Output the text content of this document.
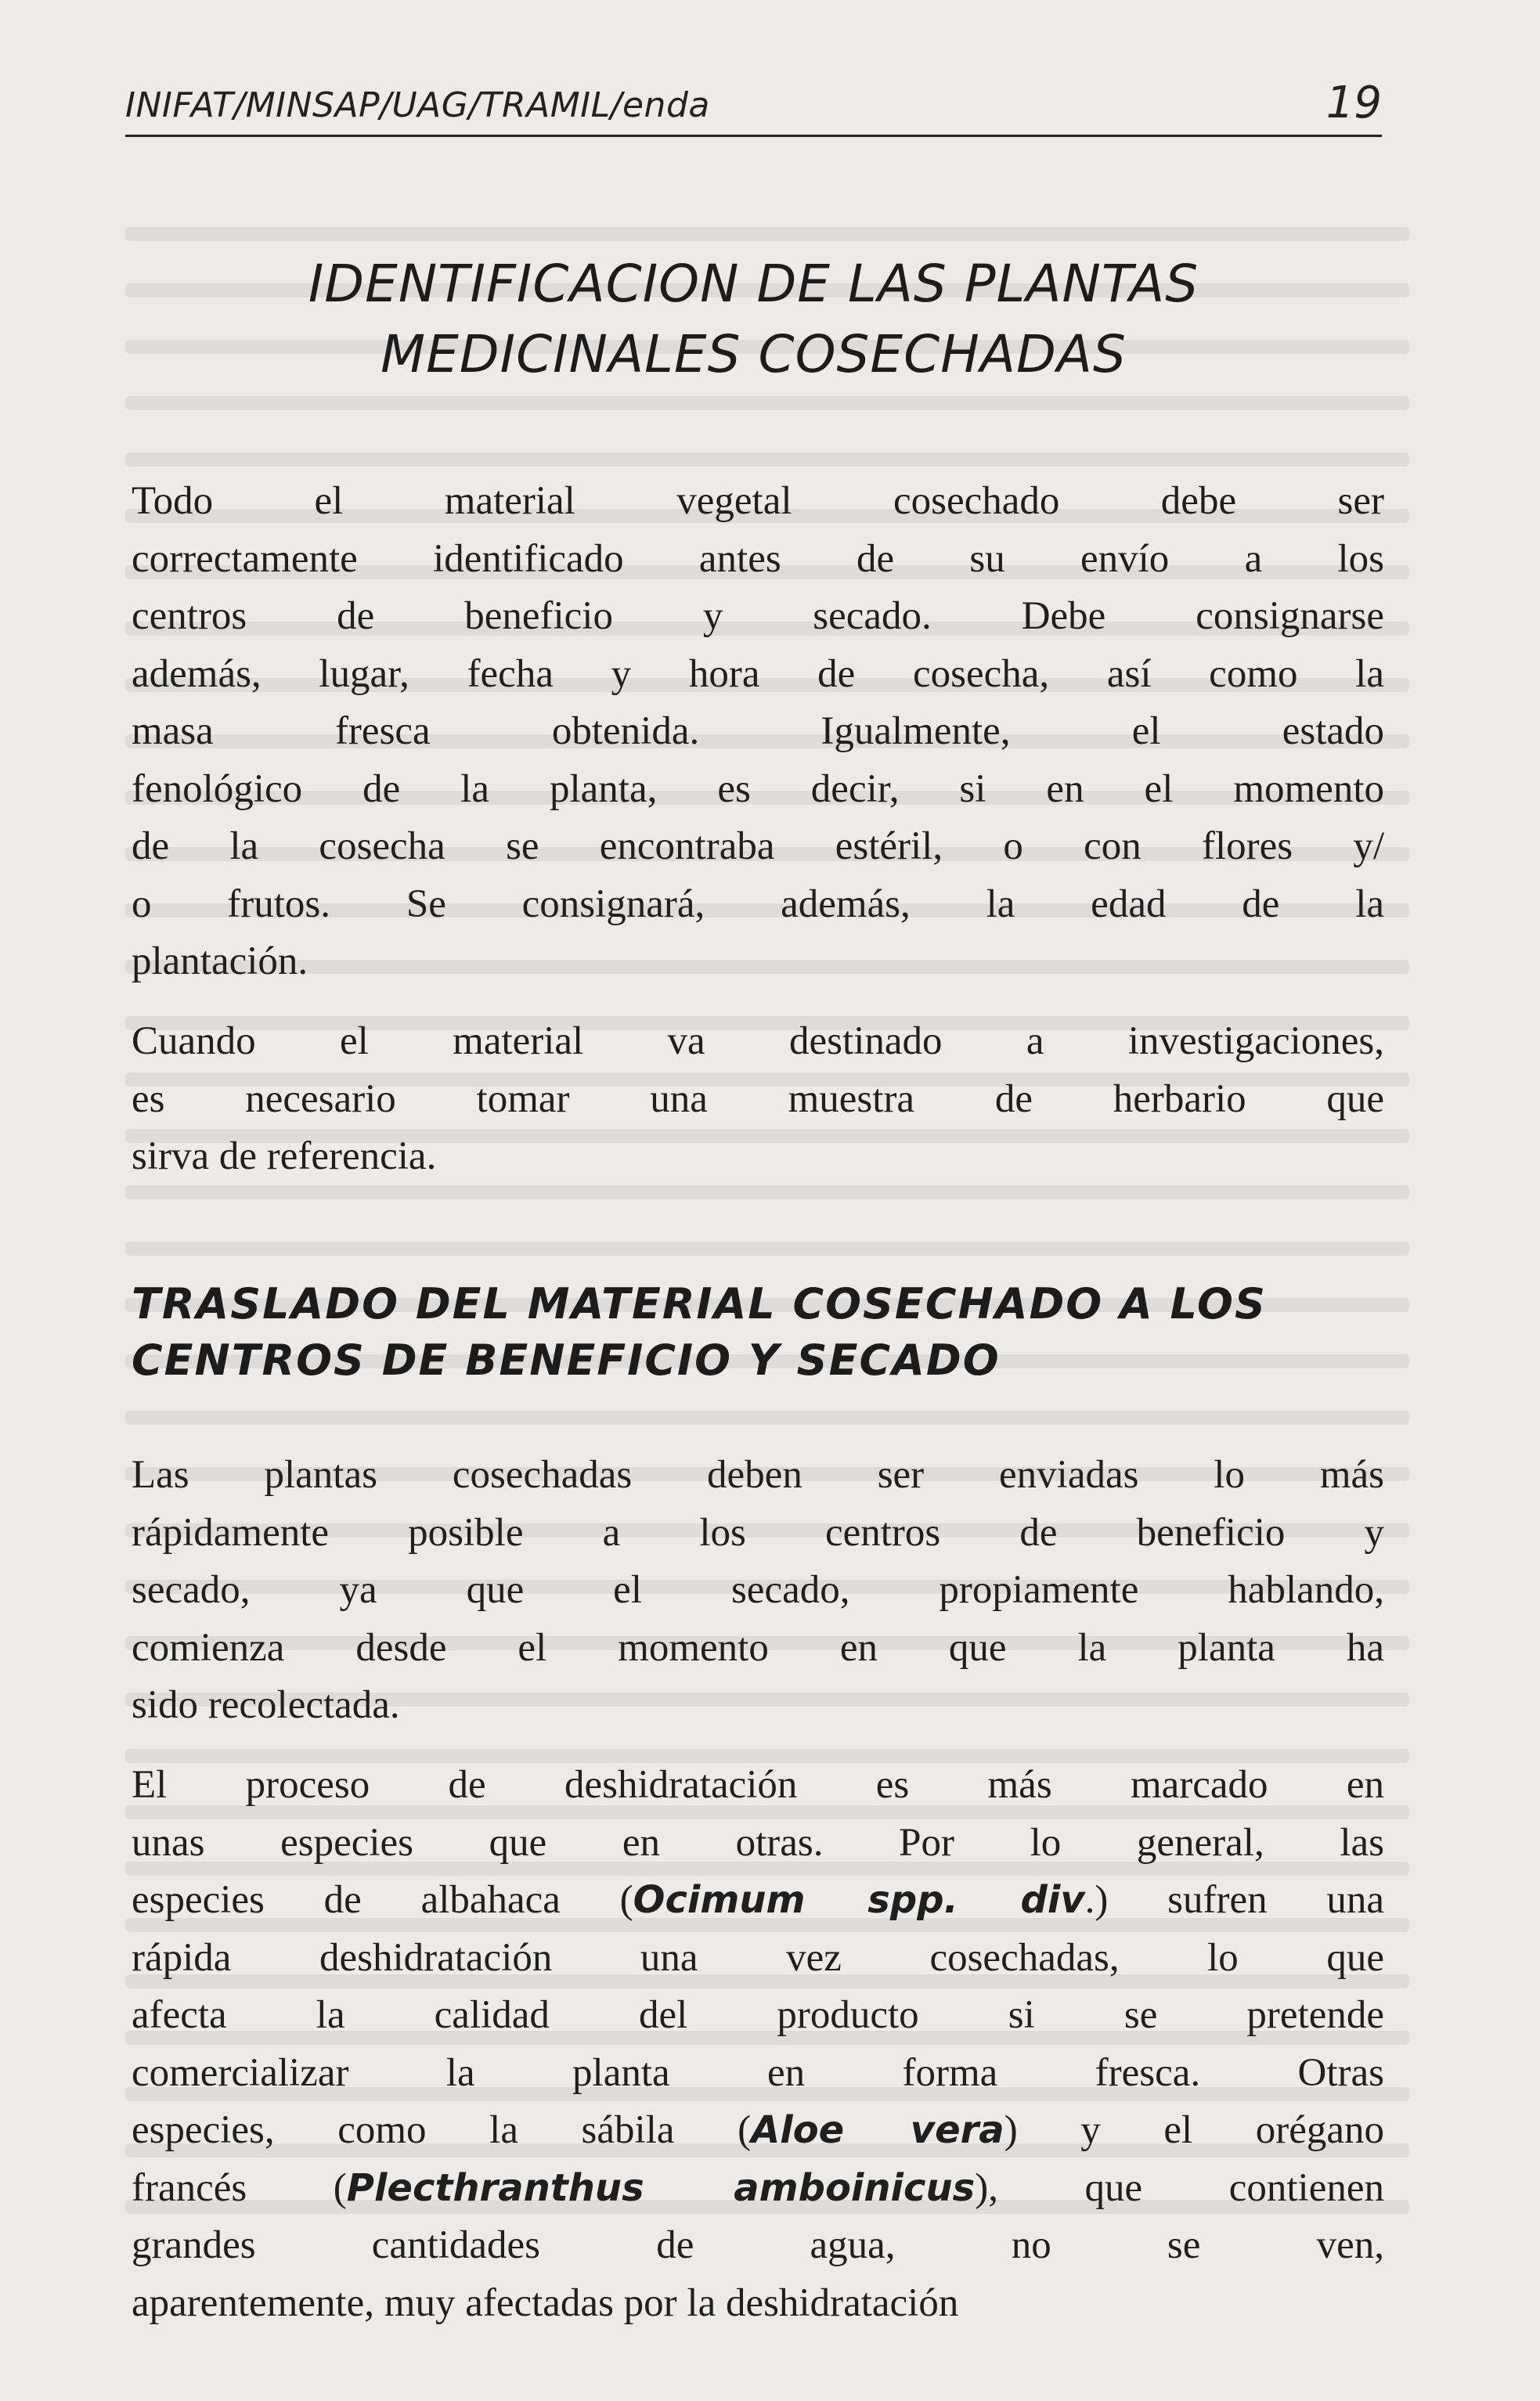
INIFAT/MINSAP/UAG/TRAMIL/enda	19
IDENTIFICACION DE LAS PLANTAS
MEDICINALES COSECHADAS
Todo el material vegetal cosechado debe ser
correctamente identificado antes de su envío a los
centros de beneficio y secado. Debe consignarse
además, lugar, fecha y hora de cosecha, así como la
masa fresca obtenida. Igualmente, el estado
fenológico de la planta, es decir, si en el momento
de la cosecha se encontraba estéril, o con flores y/
o frutos. Se consignará, además, la edad de la
plantación.
Cuando el material va destinado a investigaciones,
es necesario tomar una muestra de herbario que
sirva de referencia.
TRASLADO DEL MATERIAL COSECHADO A LOS
CENTROS DE BENEFICIO Y SECADO
Las plantas cosechadas deben ser enviadas lo más
rápidamente posible a los centros de beneficio y
secado, ya que el secado, propiamente hablando,
comienza desde el momento en que la planta ha
sido recolectada.
El proceso de deshidratación es más marcado en
unas especies que en otras. Por lo general, las
especies de albahaca (Ocimum spp. div.) sufren una
rápida deshidratación una vez cosechadas, lo que
afecta la calidad del producto si se pretende
comercializar la planta en forma fresca. Otras
especies, como la sábila (Aloe vera) y el orégano
francés (Plecthranthus amboinicus), que contienen
grandes cantidades de agua, no se ven,
aparentemente, muy afectadas por la deshidratación
